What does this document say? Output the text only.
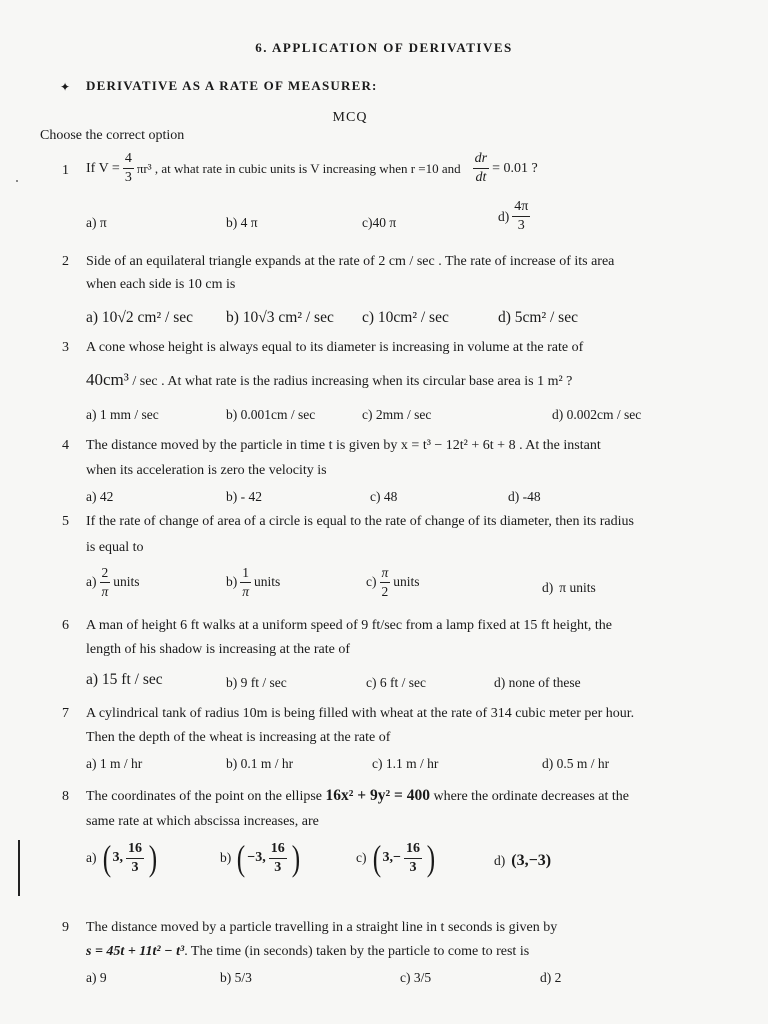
6. APPLICATION OF DERIVATIVES
✦ DERIVATIVE AS A RATE OF MEASURER:
MCQ
Choose the correct option
1 If $V = \frac{4}{3} \pi r^3$ , at what rate in cubic units is V increasing when r =10 and $\frac{dr}{dt} = 0.01$ ?
a) π	b) 4 π	c)40 π	$d) \frac{4\pi}{3}$
2 Side of an equilateral triangle expands at the rate of 2 cm / sec . The rate of increase of its area
when each side is 10 cm is
a) 10√2 cm² / sec b) 10√3 cm² / sec c) 10cm² / sec	d) 5cm² / sec
3 A cone whose height is always equal to its diameter is increasing in volume at the rate of
40cm³ / sec . At what rate is the radius increasing when its circular base area is 1 m² ?
a) 1 mm / sec	b) 0.001cm / sec	c) 2mm / sec	d) 0.002cm / sec
4 The distance moved by the particle in time t is given by x = t³ − 12t² + 6t + 8 . At the instant
when its acceleration is zero the velocity is
a) 42	b) - 42	c) 48	d) -48
5 If the rate of change of area of a circle is equal to the rate of change of its diameter, then its radius
is equal to
$a) \frac{2}{\pi}$ units	$b) \frac{1}{\pi}$ units	$c) \frac{\pi}{2}$ units	d) π units
6 A man of height 6 ft walks at a uniform speed of 9 ft/sec from a lamp fixed at 15 ft height, the
length of his shadow is increasing at the rate of
a) 15 ft / sec	b) 9 ft / sec	c) 6 ft / sec	d) none of these
7 A cylindrical tank of radius 10m is being filled with wheat at the rate of 314 cubic meter per hour.
Then the depth of the wheat is increasing at the rate of
a) 1 m / hr	b) 0.1 m / hr	c) 1.1 m / hr	d) 0.5 m / hr
8 The coordinates of the point on the ellipse 16x² + 9y² = 400 where the ordinate decreases at the
same rate at which abscissa increases, are
a) ( 3, $\frac{16}{3}$ )	b) ( −3, $\frac{16}{3}$ )	c) ( $3,- \frac{16}{3}$ )	d) (3,−3)
9 The distance moved by a particle travelling in a straight line in t seconds is given by
s = 45t + 11t² − t³. The time (in seconds) taken by the particle to come to rest is
a) 9	b) 5/3	c) 3/5	d) 2
